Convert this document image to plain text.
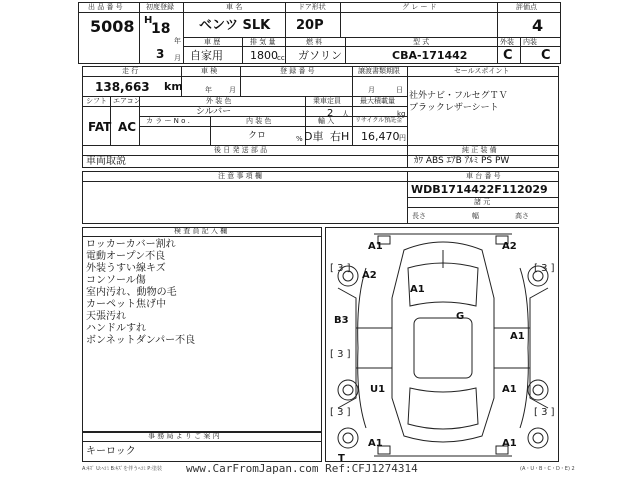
出 品 番 号
5008
初度登録
H
18
年
3 月
車 名
ベンツ SLK
ドア形状
20P
グ レ ー ド	評価点
4
車 歴
自家用
排 気 量
1800 cc
燃 料
ガソリン
型 式
CBA-171442
外装
C
内装
C
走 行
138,663 km
車 検
年 月
登 録 番 号	譲渡書類期限
月	日
シフト エアコン
FAT AC
外 装 色
シルバー
カ ラ ー N o .	内 装 色
クロ	%
乗車定員	最大積載量
2 人	kg
輸 入	リサイクル預託金
D車 右H 16,470 円
後 日 発 送 部 品
車両取説
セールスポイント
社外ナビ・フルセグＴＶ
ブラックレザーシート
純 正 装 備
ｶﾜ ABS ｴｱB ｱﾙﾐ PS PW
注 意 事 項 欄	車 台 番 号
WDB1714422F112029
諸 元
長さ	幅	高さ
検 査 員 記 入 欄
ロッカーカバー割れ
電動オープン不良
外装うすい線キズ
コンソール傷
室内汚れ、動物の毛
カーペット焦げ中
天張汚れ
ハンドルすれ
ボンネットダンパー不良
事 務 局 よ り ご 案 内
キーロック
A1	A2
A2
A1
B3	G
A1
U1	A1
A1	A1
T
[ 3 ]	[ 3 ]
[ 3 ]	[ 3 ]
[ 3 ]
A:ｷｽﾞ U:ﾍｺﾐ B:ｷｽﾞを伴うﾍｺﾐ P:塗装	(A・U・B・C・D・E) 2
www.CarFromJapan.com Ref:CFJ1274314
